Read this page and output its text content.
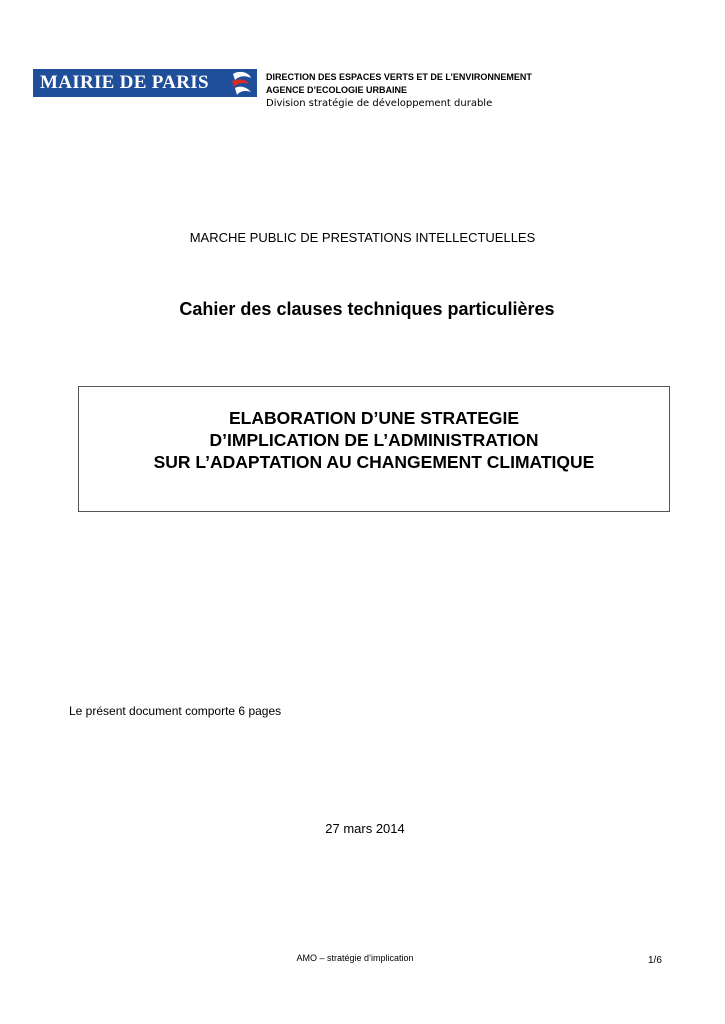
MAIRIE DE PARIS	DIRECTION DES ESPACES VERTS ET DE L’ENVIRONNEMENT
AGENCE D’ECOLOGIE URBAINE
Division stratégie de développement durable
MARCHE PUBLIC DE PRESTATIONS INTELLECTUELLES
Cahier des clauses techniques particulières
ELABORATION D’UNE STRATEGIE
D’IMPLICATION DE L’ADMINISTRATION
SUR L’ADAPTATION AU CHANGEMENT CLIMATIQUE
Le présent document comporte 6 pages
27 mars 2014
AMO – stratégie d’implication	1/6
